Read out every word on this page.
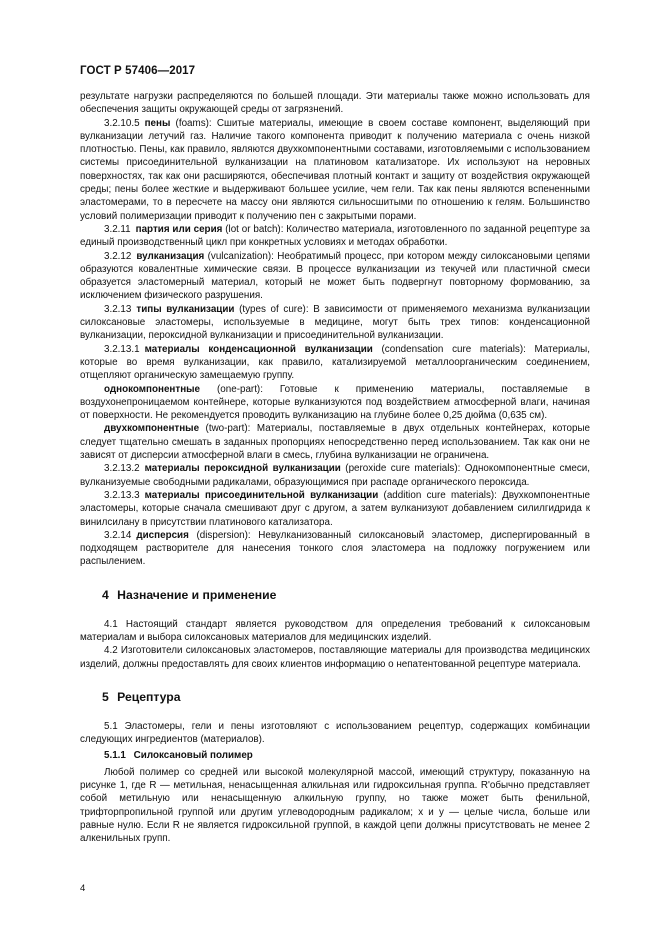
ГОСТ Р 57406—2017

результате нагрузки распределяются по большей площади. Эти материалы также можно использовать для обеспечения защиты окружающей среды от загрязнений.

3.2.10.5 пены (foams): Сшитые материалы, имеющие в своем составе компонент, выделяющий при вулканизации летучий газ. Наличие такого компонента приводит к получению материала с очень низкой плотностью. Пены, как правило, являются двухкомпонентными составами, изготовляемыми с использованием системы присоединительной вулканизации на платиновом катализаторе. Их используют на неровных поверхностях, так как они расширяются, обеспечивая плотный контакт и защиту от воздействия окружающей среды; пены более жесткие и выдерживают большее усилие, чем гели. Так как пены являются вспененными эластомерами, то в пересчете на массу они являются сильносшитыми по отношению к гелям. Большинство условий полимеризации приводит к получению пен с закрытыми порами.

3.2.11 партия или серия (lot or batch): Количество материала, изготовленного по заданной рецептуре за единый производственный цикл при конкретных условиях и методах обработки.

3.2.12 вулканизация (vulcanization): Необратимый процесс, при котором между силоксановыми цепями образуются ковалентные химические связи. В процессе вулканизации из текучей или пластичной смеси образуется эластомерный материал, который не может быть подвергнут повторному формованию, за исключением физического разрушения.

3.2.13 типы вулканизации (types of cure): В зависимости от применяемого механизма вулканизации силоксановые эластомеры, используемые в медицине, могут быть трех типов: конденсационной вулканизации, пероксидной вулканизации и присоединительной вулканизации.

3.2.13.1 материалы конденсационной вулканизации (condensation cure materials): Материалы, которые во время вулканизации, как правило, катализируемой металлоорганическим соединением, отщепляют органическую замещаемую группу.

однокомпонентные (one-part): Готовые к применению материалы, поставляемые в воздухонепроницаемом контейнере, которые вулканизуются под воздействием атмосферной влаги, начиная от поверхности. Не рекомендуется проводить вулканизацию на глубине более 0,25 дюйма (0,635 см).

двухкомпонентные (two-part): Материалы, поставляемые в двух отдельных контейнерах, которые следует тщательно смешать в заданных пропорциях непосредственно перед использованием. Так как они не зависят от дисперсии атмосферной влаги в смесь, глубина вулканизации не ограничена.

3.2.13.2 материалы пероксидной вулканизации (peroxide cure materials): Однокомпонентные смеси, вулканизуемые свободными радикалами, образующимися при распаде органического пероксида.

3.2.13.3 материалы присоединительной вулканизации (addition cure materials): Двухкомпонентные эластомеры, которые сначала смешивают друг с другом, а затем вулканизуют добавлением силилгидрида к винилсилану в присутствии платинового катализатора.

3.2.14 дисперсия (dispersion): Невулканизованный силоксановый эластомер, диспергированный в подходящем растворителе для нанесения тонкого слоя эластомера на подложку погружением или распылением.

4 Назначение и применение

4.1 Настоящий стандарт является руководством для определения требований к силоксановым материалам и выбора силоксановых материалов для медицинских изделий.

4.2 Изготовители силоксановых эластомеров, поставляющие материалы для производства медицинских изделий, должны предоставлять для своих клиентов информацию о непатентованной рецептуре материала.

5 Рецептура

5.1 Эластомеры, гели и пены изготовляют с использованием рецептур, содержащих комбинации следующих ингредиентов (материалов).

5.1.1 Силоксановый полимер

Любой полимер со средней или высокой молекулярной массой, имеющий структуру, показанную на рисунке 1, где R — метильная, ненасыщенная алкильная или гидроксильная группа. R'обычно представляет собой метильную или ненасыщенную алкильную группу, но также может быть фенильной, трифторпропильной группой или другим углеводородным радикалом; x и y — целые числа, больше или равные нулю. Если R не является гидроксильной группой, в каждой цепи должны присутствовать не менее 2 алкенильных групп.

4
